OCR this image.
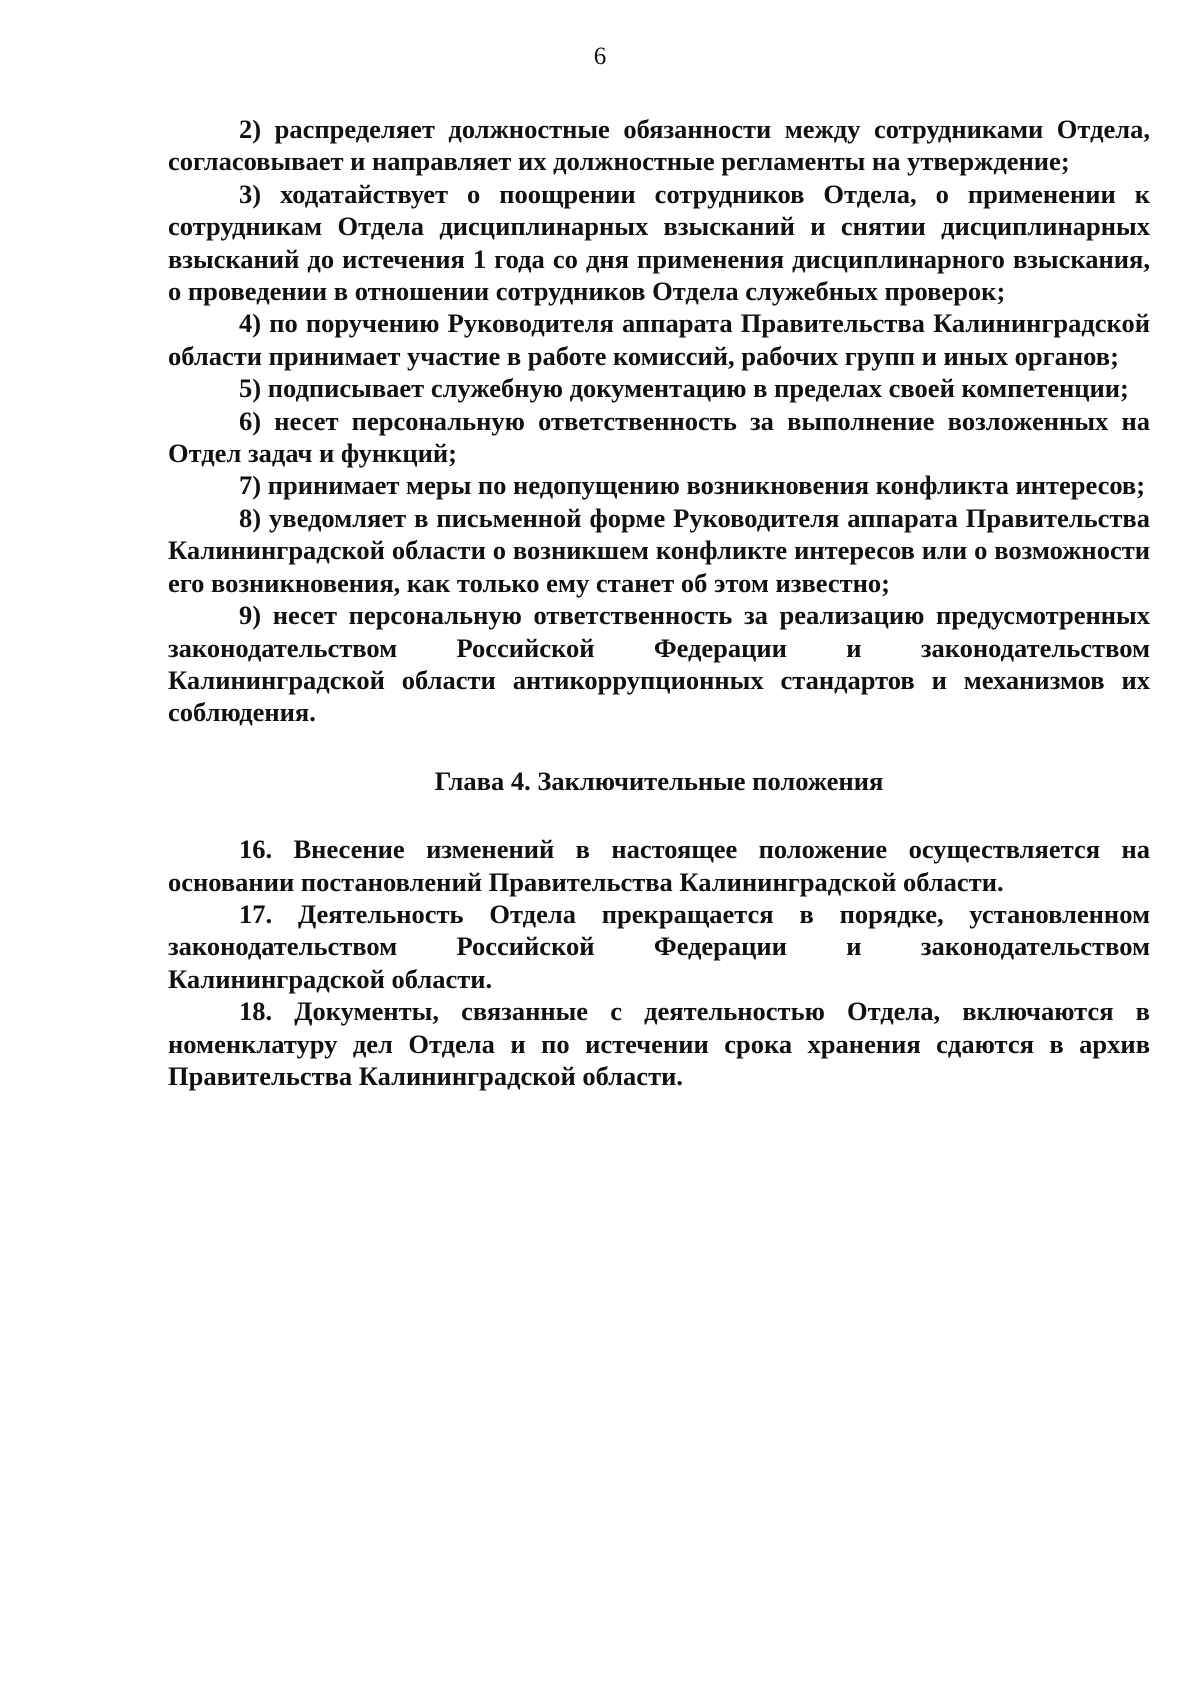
6

2) распределяет должностные обязанности между сотрудниками Отдела, согласовывает и направляет их должностные регламенты на утверждение;

3) ходатайствует о поощрении сотрудников Отдела, о применении к сотрудникам Отдела дисциплинарных взысканий и снятии дисциплинарных взысканий до истечения 1 года со дня применения дисциплинарного взыскания, о проведении в отношении сотрудников Отдела служебных проверок;

4) по поручению Руководителя аппарата Правительства Калининградской области принимает участие в работе комиссий, рабочих групп и иных органов;

5) подписывает служебную документацию в пределах своей компетенции;

6) несет персональную ответственность за выполнение возложенных на Отдел задач и функций;

7) принимает меры по недопущению возникновения конфликта интересов;

8) уведомляет в письменной форме Руководителя аппарата Правительства Калининградской области о возникшем конфликте интересов или о возможности его возникновения, как только ему станет об этом известно;

9) несет персональную ответственность за реализацию предусмотренных законодательством Российской Федерации и законодательством Калининградской области антикоррупционных стандартов и механизмов их соблюдения.

Глава 4. Заключительные положения

16. Внесение изменений в настоящее положение осуществляется на основании постановлений Правительства Калининградской области.

17. Деятельность Отдела прекращается в порядке, установленном законодательством Российской Федерации и законодательством Калининградской области.

18. Документы, связанные с деятельностью Отдела, включаются в номенклатуру дел Отдела и по истечении срока хранения сдаются в архив Правительства Калининградской области.
